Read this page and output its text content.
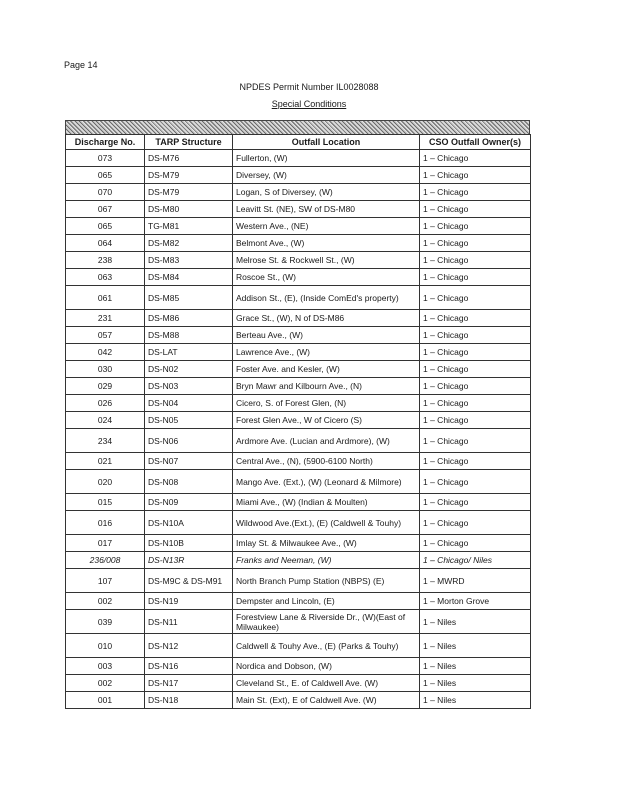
Page 14
NPDES Permit Number IL0028088
Special Conditions
Discharge No.	TARP Structure	Outfall Location	CSO Outfall Owner(s)
073	DS-M76	Fullerton, (W)	1 – Chicago
065	DS-M79	Diversey, (W)	1 – Chicago
070	DS-M79	Logan, S of Diversey, (W)	1 – Chicago
067	DS-M80	Leavitt St. (NE), SW of DS-M80	1 – Chicago
065	TG-M81	Western Ave., (NE)	1 – Chicago
064	DS-M82	Belmont Ave., (W)	1 – Chicago
238	DS-M83	Melrose St. & Rockwell St., (W)	1 – Chicago
063	DS-M84	Roscoe St., (W)	1 – Chicago
061	DS-M85	Addison St., (E), (Inside ComEd's property)	1 – Chicago
231	DS-M86	Grace St., (W), N of DS-M86	1 – Chicago
057	DS-M88	Berteau Ave., (W)	1 – Chicago
042	DS-LAT	Lawrence Ave., (W)	1 – Chicago
030	DS-N02	Foster Ave. and Kesler, (W)	1 – Chicago
029	DS-N03	Bryn Mawr and Kilbourn Ave., (N)	1 – Chicago
026	DS-N04	Cicero, S. of Forest Glen, (N)	1 – Chicago
024	DS-N05	Forest Glen Ave., W of Cicero (S)	1 – Chicago
234	DS-N06	Ardmore Ave. (Lucian and Ardmore), (W)	1 – Chicago
021	DS-N07	Central Ave., (N), (5900-6100 North)	1 – Chicago
020	DS-N08	Mango Ave. (Ext.), (W) (Leonard & Milmore)	1 – Chicago
015	DS-N09	Miami Ave., (W) (Indian & Moulten)	1 – Chicago
016	DS-N10A	Wildwood Ave.(Ext.), (E) (Caldwell & Touhy)	1 – Chicago
017	DS-N10B	Imlay St. & Milwaukee Ave., (W)	1 – Chicago
236/008	DS-N13R	Franks and Neeman, (W)	1 – Chicago/ Niles
107	DS-M9C & DS-M91	North Branch Pump Station (NBPS) (E)	1 – MWRD
002	DS-N19	Dempster and Lincoln, (E)	1 – Morton Grove
039	DS-N11	Forestview Lane & Riverside Dr., (W)(East of Milwaukee)	1 – Niles
010	DS-N12	Caldwell & Touhy Ave., (E) (Parks & Touhy)	1 – Niles
003	DS-N16	Nordica and Dobson, (W)	1 – Niles
002	DS-N17	Cleveland St., E. of Caldwell Ave. (W)	1 – Niles
001	DS-N18	Main St. (Ext), E of Caldwell Ave. (W)	1 – Niles
